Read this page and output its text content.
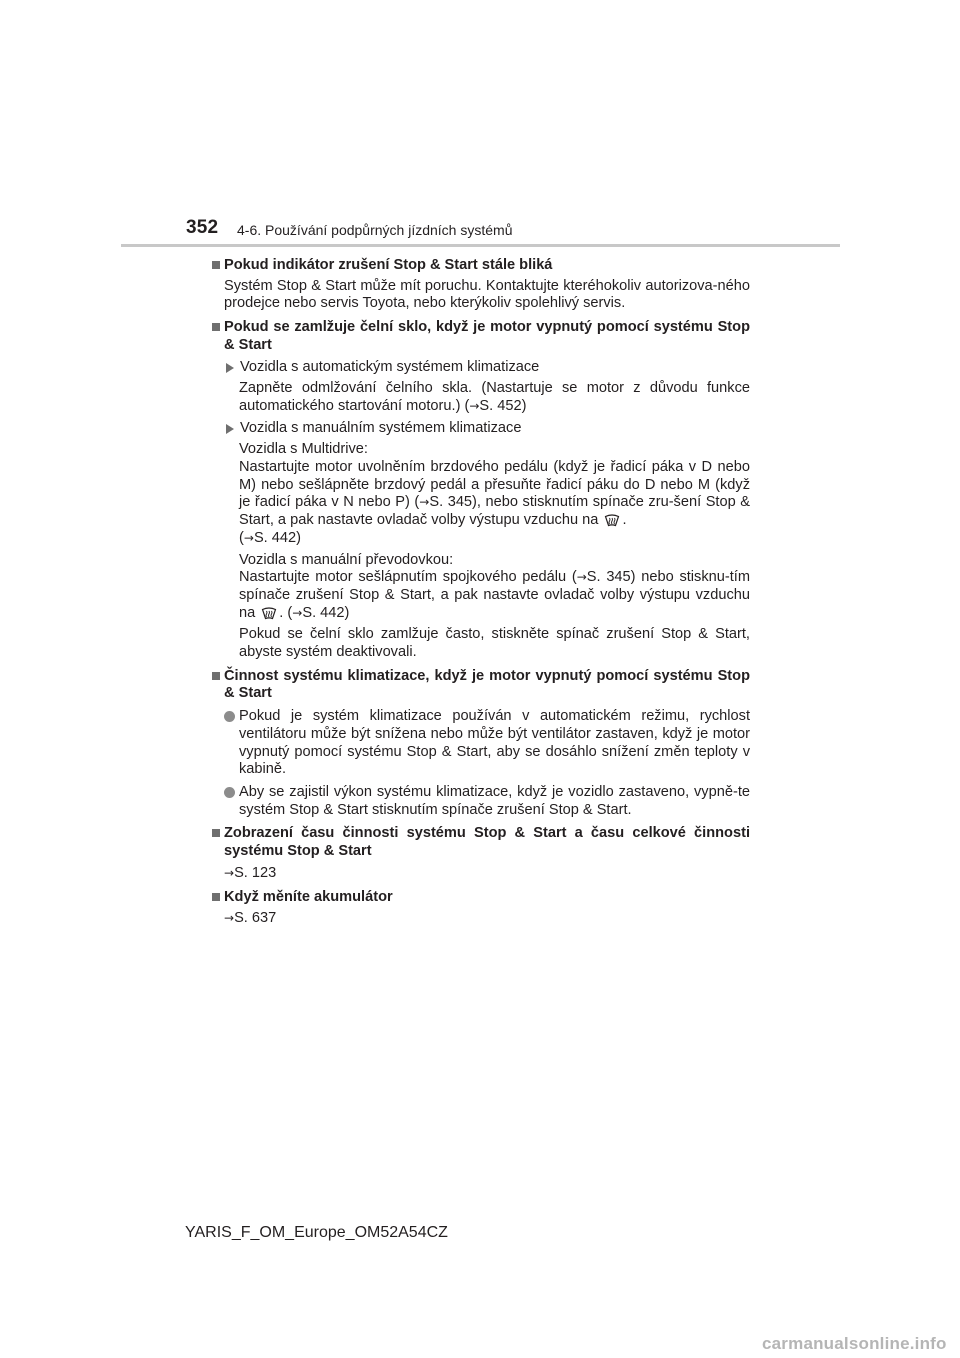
352 4-6. Používání podpůrných jízdních systémů
Pokud indikátor zrušení Stop & Start stále bliká
Systém Stop & Start může mít poruchu. Kontaktujte kteréhokoliv autorizova-ného prodejce nebo servis Toyota, nebo kterýkoliv spolehlivý servis.
Pokud se zamlžuje čelní sklo, když je motor vypnutý pomocí systému Stop & Start
Vozidla s automatickým systémem klimatizace
Zapněte odmlžování čelního skla. (Nastartuje se motor z důvodu funkce automatického startování motoru.) (→S. 452)
Vozidla s manuálním systémem klimatizace
Vozidla s Multidrive:
Nastartujte motor uvolněním brzdového pedálu (když je řadicí páka v D nebo M) nebo sešlápněte brzdový pedál a přesuňte řadicí páku do D nebo M (když je řadicí páka v N nebo P) (→S. 345), nebo stisknutím spínače zru-šení Stop & Start, a pak nastavte ovladač volby výstupu vzduchu na .
(→S. 442)
Vozidla s manuální převodovkou:
Nastartujte motor sešlápnutím spojkového pedálu (→S. 345) nebo stisknu-tím spínače zrušení Stop & Start, a pak nastavte ovladač volby výstupu vzduchu na . (→S. 442)
Pokud se čelní sklo zamlžuje často, stiskněte spínač zrušení Stop & Start, abyste systém deaktivovali.
Činnost systému klimatizace, když je motor vypnutý pomocí systému Stop & Start
Pokud je systém klimatizace používán v automatickém režimu, rychlost ventilátoru může být snížena nebo může být ventilátor zastaven, když je motor vypnutý pomocí systému Stop & Start, aby se dosáhlo snížení změn teploty v kabině.
Aby se zajistil výkon systému klimatizace, když je vozidlo zastaveno, vypně-te systém Stop & Start stisknutím spínače zrušení Stop & Start.
Zobrazení času činnosti systému Stop & Start a času celkové činnosti systému Stop & Start
→S. 123
Když měníte akumulátor
→S. 637
YARIS_F_OM_Europe_OM52A54CZ
carmanualsonline.info
